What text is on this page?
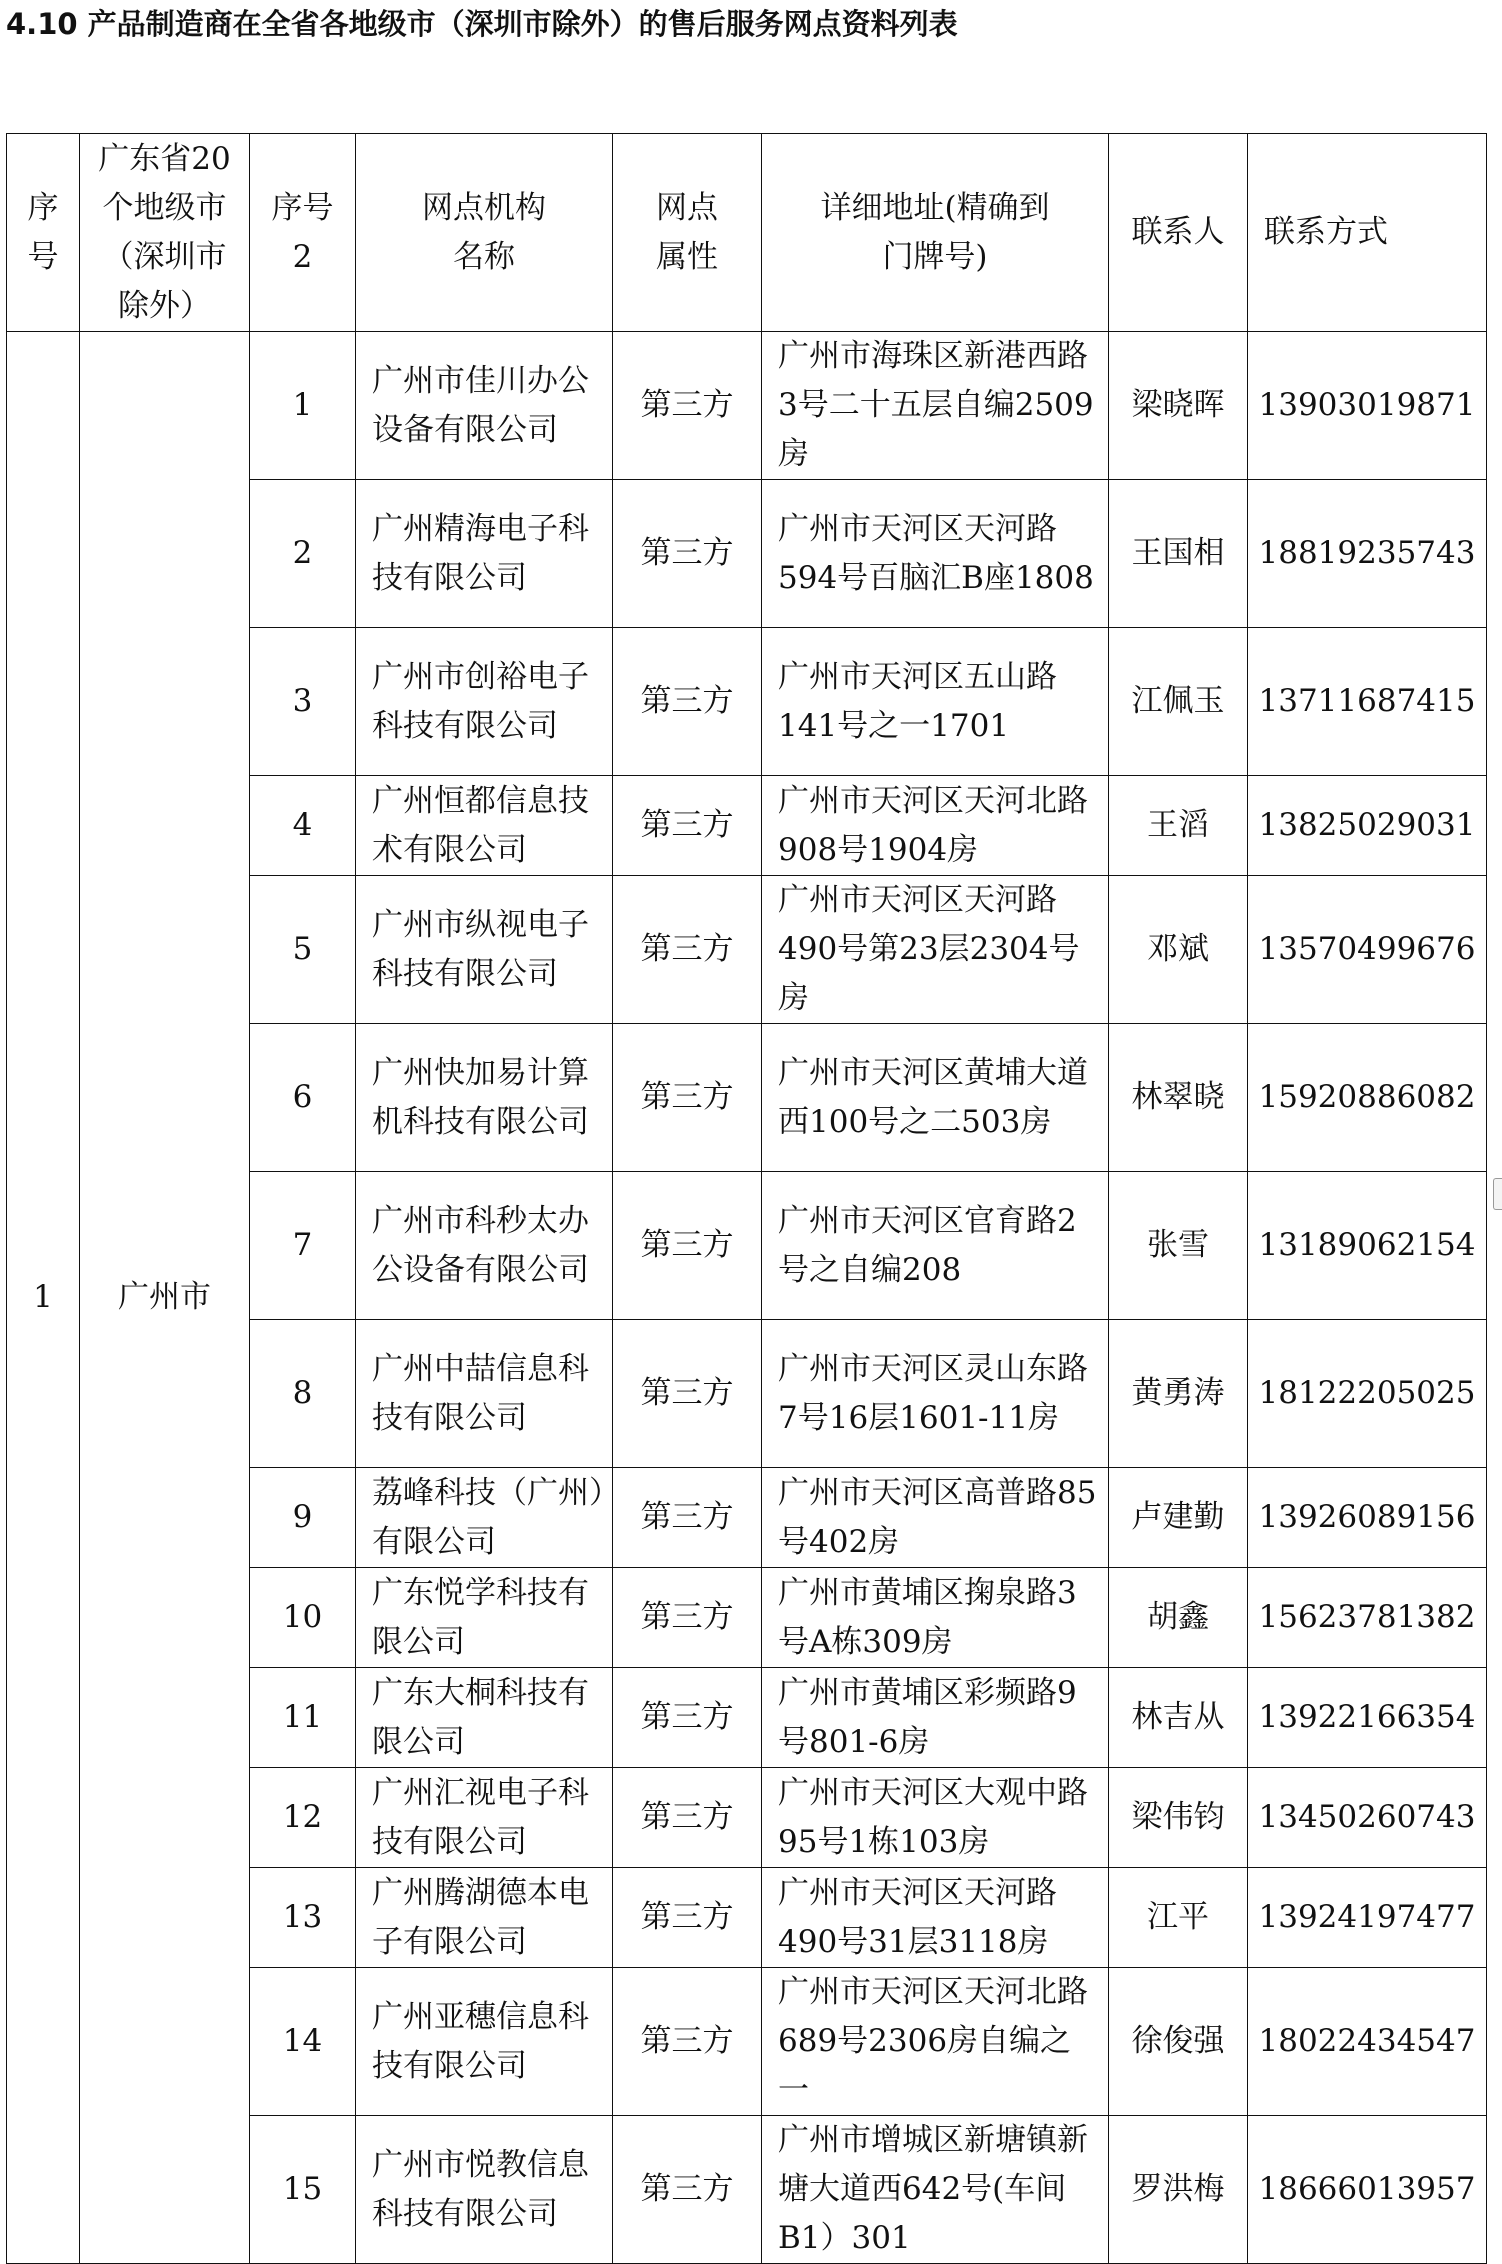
4.10 产品制造商在全省各地级市（深圳市除外）的售后服务网点资料列表
序号	广东省20个地级市（深圳市除外）	序号2	网点机构名称	网点属性	详细地址(精确到门牌号)	联系人	联系方式
1	广州市	1	广州市佳川办公设备有限公司	第三方	广州市海珠区新港西路3号二十五层自编2509房	梁晓晖	13903019871
		2	广州精海电子科技有限公司	第三方	广州市天河区天河路594号百脑汇B座1808	王国相	18819235743
		3	广州市创裕电子科技有限公司	第三方	广州市天河区五山路141号之一1701	江佩玉	13711687415
		4	广州恒都信息技术有限公司	第三方	广州市天河区天河北路908号1904房	王滔	13825029031
		5	广州市纵视电子科技有限公司	第三方	广州市天河区天河路490号第23层2304号房	邓斌	13570499676
		6	广州快加易计算机科技有限公司	第三方	广州市天河区黄埔大道西100号之二503房	林翠晓	15920886082
		7	广州市科秒太办公设备有限公司	第三方	广州市天河区官育路2号之自编208	张雪	13189062154
		8	广州中喆信息科技有限公司	第三方	广州市天河区灵山东路7号16层1601-11房	黄勇涛	18122205025
		9	荔峰科技（广州）有限公司	第三方	广州市天河区高普路85号402房	卢建勤	13926089156
		10	广东悦学科技有限公司	第三方	广州市黄埔区掬泉路3号A栋309房	胡鑫	15623781382
		11	广东大桐科技有限公司	第三方	广州市黄埔区彩频路9号801-6房	林吉从	13922166354
		12	广州汇视电子科技有限公司	第三方	广州市天河区大观中路95号1栋103房	梁伟钧	13450260743
		13	广州腾湖德本电子有限公司	第三方	广州市天河区天河路490号31层3118房	江平	13924197477
		14	广州亚穗信息科技有限公司	第三方	广州市天河区天河北路689号2306房自编之一	徐俊强	18022434547
		15	广州市悦教信息科技有限公司	第三方	广州市增城区新塘镇新塘大道西642号(车间B1）301	罗洪梅	18666013957
